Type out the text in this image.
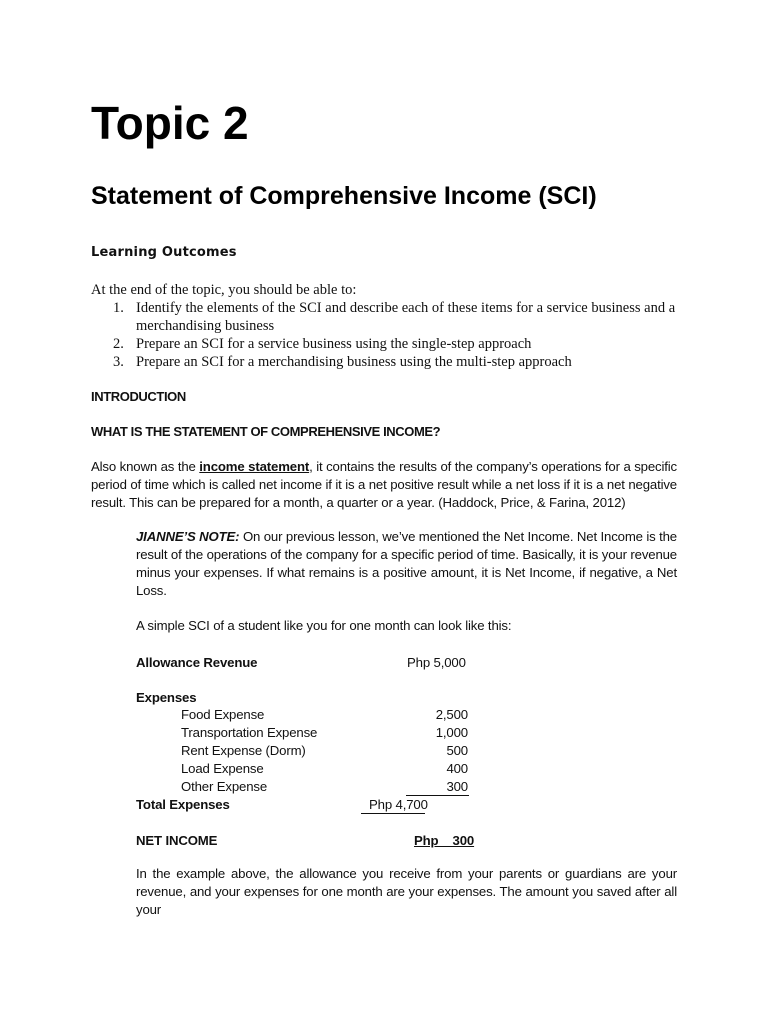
Topic 2
Statement of Comprehensive Income (SCI)
Learning Outcomes
At the end of the topic, you should be able to:
1. Identify the elements of the SCI and describe each of these items for a service business and a merchandising business
2. Prepare an SCI for a service business using the single-step approach
3. Prepare an SCI for a merchandising business using the multi-step approach
INTRODUCTION
WHAT IS THE STATEMENT OF COMPREHENSIVE INCOME?
Also known as the income statement, it contains the results of the company’s operations for a specific period of time which is called net income if it is a net positive result while a net loss if it is a net negative result. This can be prepared for a month, a quarter or a year. (Haddock, Price, & Farina, 2012)
JIANNE’S NOTE: On our previous lesson, we’ve mentioned the Net Income. Net Income is the result of the operations of the company for a specific period of time. Basically, it is your revenue minus your expenses. If what remains is a positive amount, it is Net Income, if negative, a Net Loss.
A simple SCI of a student like you for one month can look like this:
Allowance Revenue	Php 5,000
Expenses
Food Expense	2,500
Transportation Expense	1,000
Rent Expense (Dorm)	500
Load Expense	400
Other Expense	300
Total Expenses	Php 4,700
NET INCOME	Php    300
In the example above, the allowance you receive from your parents or guardians are your revenue, and your expenses for one month are your expenses. The amount you saved after all your
